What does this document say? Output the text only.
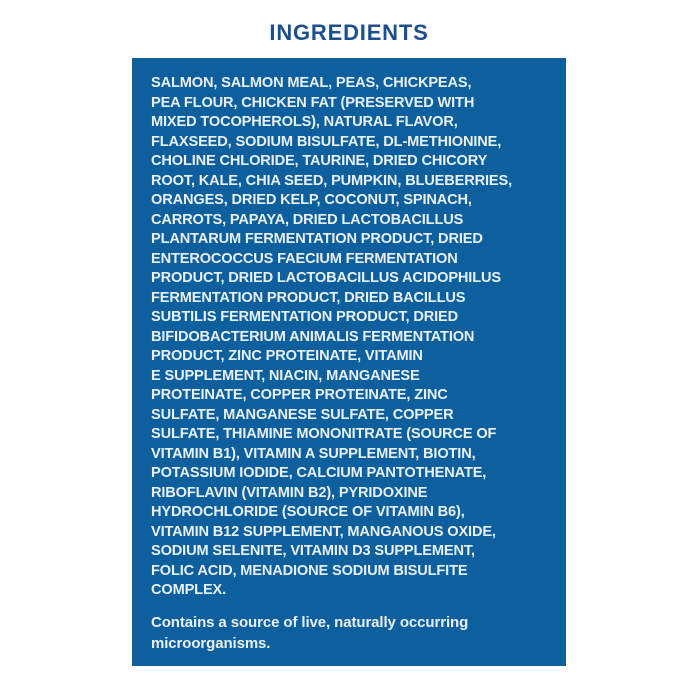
INGREDIENTS
SALMON, SALMON MEAL, PEAS, CHICKPEAS,
PEA FLOUR, CHICKEN FAT (PRESERVED WITH
MIXED TOCOPHEROLS), NATURAL FLAVOR,
FLAXSEED, SODIUM BISULFATE, DL-METHIONINE,
CHOLINE CHLORIDE, TAURINE, DRIED CHICORY
ROOT, KALE, CHIA SEED, PUMPKIN, BLUEBERRIES,
ORANGES, DRIED KELP, COCONUT, SPINACH,
CARROTS, PAPAYA, DRIED LACTOBACILLUS
PLANTARUM FERMENTATION PRODUCT, DRIED
ENTEROCOCCUS FAECIUM FERMENTATION
PRODUCT, DRIED LACTOBACILLUS ACIDOPHILUS
FERMENTATION PRODUCT, DRIED BACILLUS
SUBTILIS FERMENTATION PRODUCT, DRIED
BIFIDOBACTERIUM ANIMALIS FERMENTATION
PRODUCT, ZINC PROTEINATE, VITAMIN
E SUPPLEMENT, NIACIN, MANGANESE
PROTEINATE, COPPER PROTEINATE, ZINC
SULFATE, MANGANESE SULFATE, COPPER
SULFATE, THIAMINE MONONITRATE (SOURCE OF
VITAMIN B1), VITAMIN A SUPPLEMENT, BIOTIN,
POTASSIUM IODIDE, CALCIUM PANTOTHENATE,
RIBOFLAVIN (VITAMIN B2), PYRIDOXINE
HYDROCHLORIDE (SOURCE OF VITAMIN B6),
VITAMIN B12 SUPPLEMENT, MANGANOUS OXIDE,
SODIUM SELENITE, VITAMIN D3 SUPPLEMENT,
FOLIC ACID, MENADIONE SODIUM BISULFITE
COMPLEX.
Contains a source of live, naturally occurring
microorganisms.
